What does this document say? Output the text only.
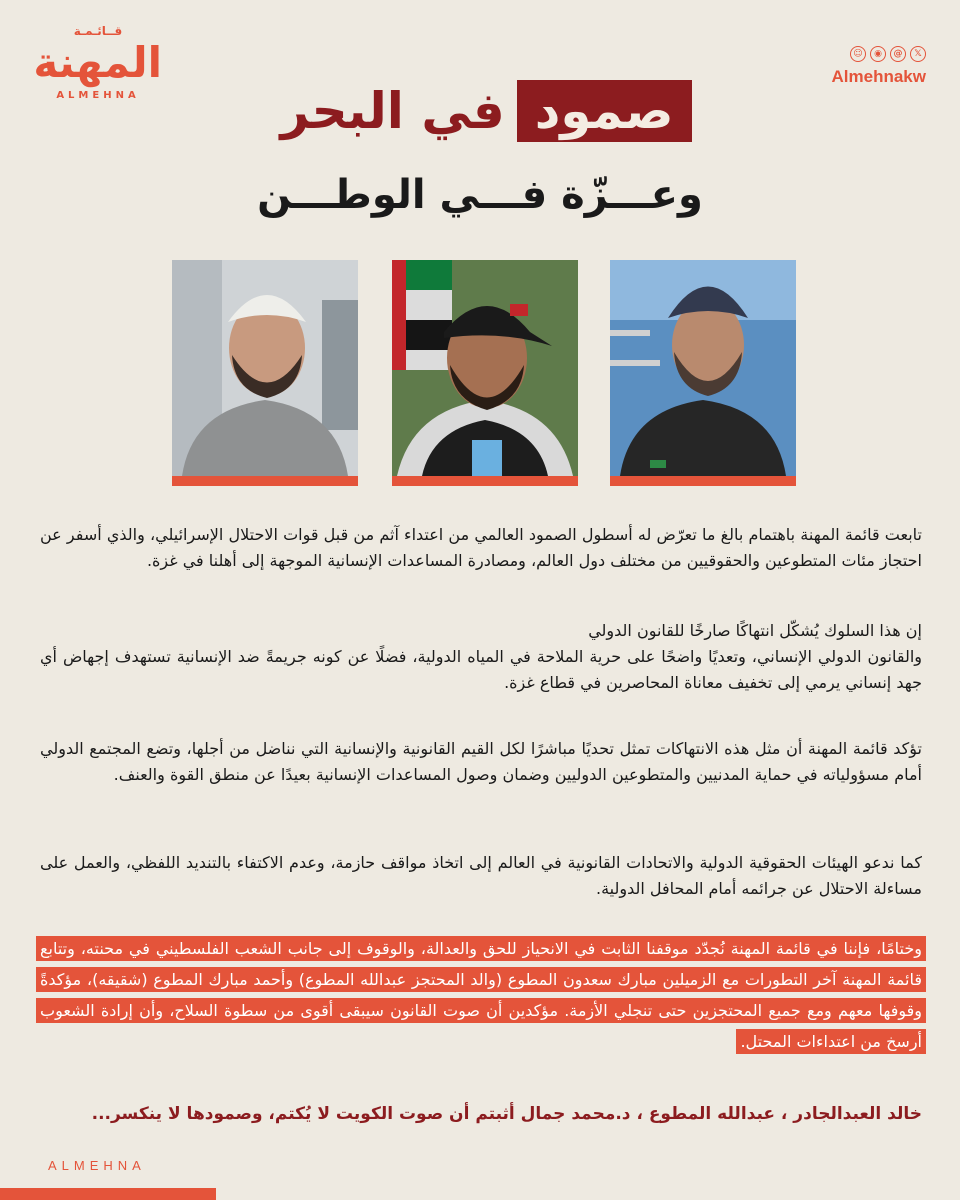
قــائـمـة
المهنة
ALMEHNA
☺	◉	@	𝕏
Almehnakw
صمود
في البحر
وعـــزّة فـــي الوطـــن

تابعت قائمة المهنة باهتمام بالغ ما تعرّض له أسطول الصمود العالمي من اعتداء آثم من قبل قوات الاحتلال الإسرائيلي، والذي أسفر عن احتجاز مئات المتطوعين والحقوقيين من مختلف دول العالم، ومصادرة المساعدات الإنسانية الموجهة إلى أهلنا في غزة.

إن هذا السلوك يُشكّل انتهاكًا صارخًا للقانون الدولي
والقانون الدولي الإنساني، وتعديًا واضحًا على حرية الملاحة في المياه الدولية، فضلًا عن كونه جريمةً ضد الإنسانية تستهدف إجهاض أي جهد إنساني يرمي إلى تخفيف معاناة المحاصرين في قطاع غزة.

تؤكد قائمة المهنة أن مثل هذه الانتهاكات تمثل تحديًا مباشرًا لكل القيم القانونية والإنسانية التي نناضل من أجلها، وتضع المجتمع الدولي أمام مسؤولياته في حماية المدنيين والمتطوعين الدوليين وضمان وصول المساعدات الإنسانية بعيدًا عن منطق القوة والعنف.

كما ندعو الهيئات الحقوقية الدولية والاتحادات القانونية في العالم إلى اتخاذ مواقف حازمة، وعدم الاكتفاء بالتنديد اللفظي، والعمل على مساءلة الاحتلال عن جرائمه أمام المحافل الدولية.

وختامًا، فإننا في قائمة المهنة نُجدّد موقفنا الثابت في الانحياز للحق والعدالة، والوقوف إلى جانب الشعب الفلسطيني في محنته، وتتابع قائمة المهنة آخر التطورات مع الزميلين مبارك سعدون المطوع (والد المحتجز عبدالله المطوع) وأحمد مبارك المطوع (شقيقه)، مؤكدةً وقوفها معهم ومع جميع المحتجزين حتى تنجلي الأزمة. مؤكدين أن صوت القانون سيبقى أقوى من سطوة السلاح، وأن إرادة الشعوب أرسخ من اعتداءات المحتل.

خالد العبدالجادر ، عبدالله المطوع ، د.محمد جمال أثبتم أن صوت الكويت لا يُكتم، وصمودها لا ينكسر...

ALMEHNA
